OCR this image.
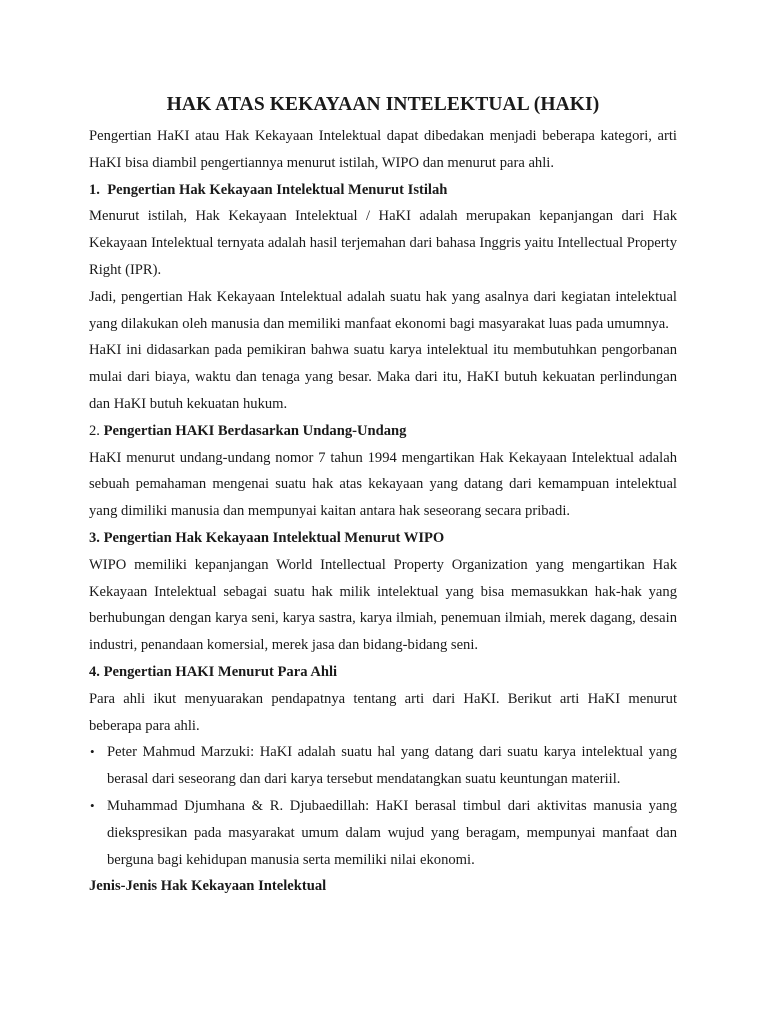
HAK ATAS KEKAYAAN INTELEKTUAL (HAKI)

Pengertian HaKI atau Hak Kekayaan Intelektual dapat dibedakan menjadi beberapa kategori, arti HaKI bisa diambil pengertiannya menurut istilah, WIPO dan menurut para ahli.

1. Pengertian Hak Kekayaan Intelektual Menurut Istilah

Menurut istilah, Hak Kekayaan Intelektual / HaKI adalah merupakan kepanjangan dari Hak Kekayaan Intelektual ternyata adalah hasil terjemahan dari bahasa Inggris yaitu Intellectual Property Right (IPR).

Jadi, pengertian Hak Kekayaan Intelektual adalah suatu hak yang asalnya dari kegiatan intelektual yang dilakukan oleh manusia dan memiliki manfaat ekonomi bagi masyarakat luas pada umumnya.

HaKI ini didasarkan pada pemikiran bahwa suatu karya intelektual itu membutuhkan pengorbanan mulai dari biaya, waktu dan tenaga yang besar. Maka dari itu, HaKI butuh kekuatan perlindungan dan HaKI butuh kekuatan hukum.

2. Pengertian HAKI Berdasarkan Undang-Undang

HaKI menurut undang-undang nomor 7 tahun 1994 mengartikan Hak Kekayaan Intelektual adalah sebuah pemahaman mengenai suatu hak atas kekayaan yang datang dari kemampuan intelektual yang dimiliki manusia dan mempunyai kaitan antara hak seseorang secara pribadi.

3. Pengertian Hak Kekayaan Intelektual Menurut WIPO

WIPO memiliki kepanjangan World Intellectual Property Organization yang mengartikan Hak Kekayaan Intelektual sebagai suatu hak milik intelektual yang bisa memasukkan hak-hak yang berhubungan dengan karya seni, karya sastra, karya ilmiah, penemuan ilmiah, merek dagang, desain industri, penandaan komersial, merek jasa dan bidang-bidang seni.

4. Pengertian HAKI Menurut Para Ahli

Para ahli ikut menyuarakan pendapatnya tentang arti dari HaKI. Berikut arti HaKI menurut beberapa para ahli.

• Peter Mahmud Marzuki: HaKI adalah suatu hal yang datang dari suatu karya intelektual yang berasal dari seseorang dan dari karya tersebut mendatangkan suatu keuntungan materiil.
• Muhammad Djumhana & R. Djubaedillah: HaKI berasal timbul dari aktivitas manusia yang diekspresikan pada masyarakat umum dalam wujud yang beragam, mempunyai manfaat dan berguna bagi kehidupan manusia serta memiliki nilai ekonomi.

Jenis-Jenis Hak Kekayaan Intelektual
